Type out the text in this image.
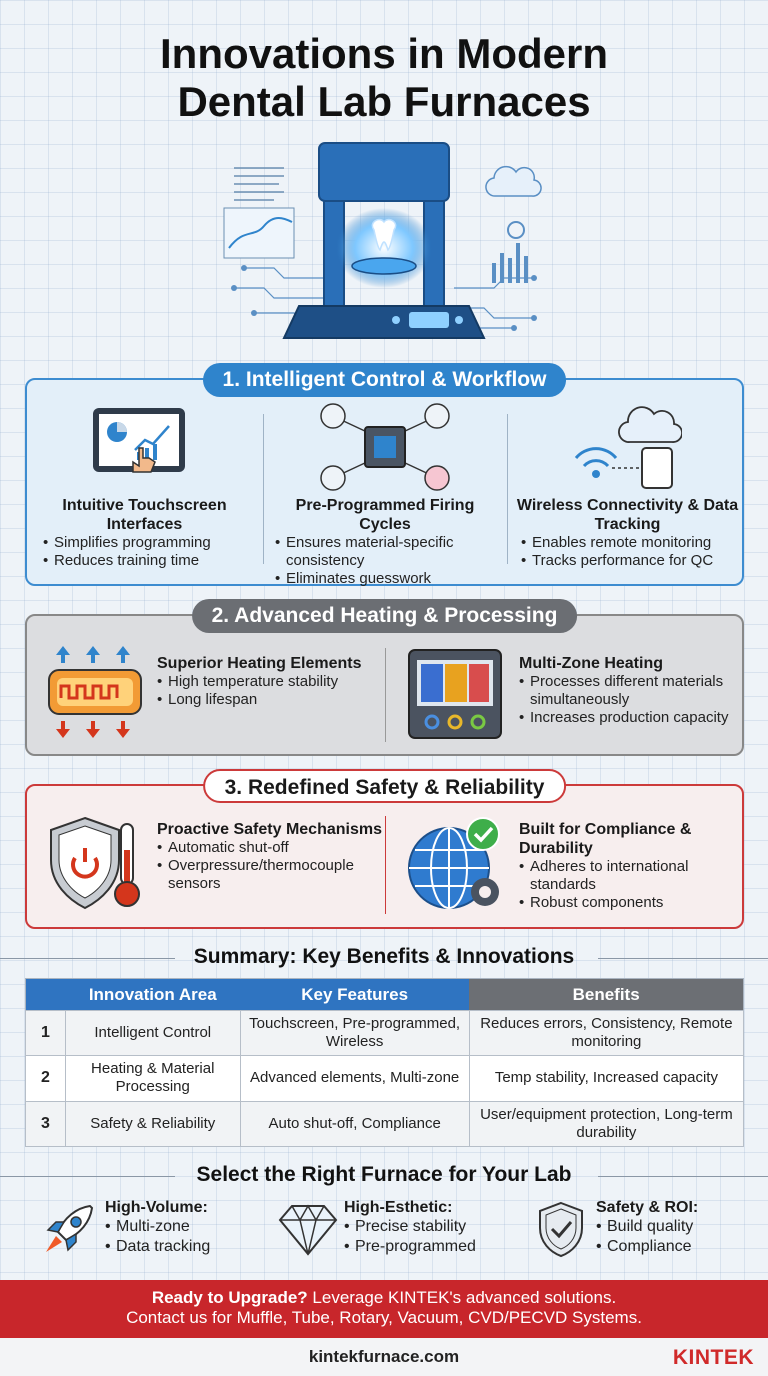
Innovations in Modern
Dental Lab Furnaces
1. Intelligent Control & Workflow
Intuitive Touchscreen Interfaces
• Simplifies programming
• Reduces training time
Pre-Programmed Firing Cycles
• Ensures material-specific consistency
• Eliminates guesswork
Wireless Connectivity & Data Tracking
• Enables remote monitoring
• Tracks performance for QC
2. Advanced Heating & Processing
Superior Heating Elements
• High temperature stability
• Long lifespan
Multi-Zone Heating
• Processes different materials simultaneously
• Increases production capacity
3. Redefined Safety & Reliability
Proactive Safety Mechanisms
• Automatic shut-off
• Overpressure/thermocouple sensors
Built for Compliance & Durability
• Adheres to international standards
• Robust components
Summary: Key Benefits & Innovations
	Innovation Area	Key Features	Benefits
1	Intelligent Control	Touchscreen, Pre-programmed, Wireless	Reduces errors, Consistency, Remote monitoring
2	Heating & Material Processing	Advanced elements, Multi-zone	Temp stability, Increased capacity
3	Safety & Reliability	Auto shut-off, Compliance	User/equipment protection, Long-term durability
Select the Right Furnace for Your Lab
High-Volume:
• Multi-zone
• Data tracking
High-Esthetic:
• Precise stability
• Pre-programmed
Safety & ROI:
• Build quality
• Compliance
Ready to Upgrade? Leverage KINTEK's advanced solutions.
Contact us for Muffle, Tube, Rotary, Vacuum, CVD/PECVD Systems.
kintekfurnace.com	KINTEK
